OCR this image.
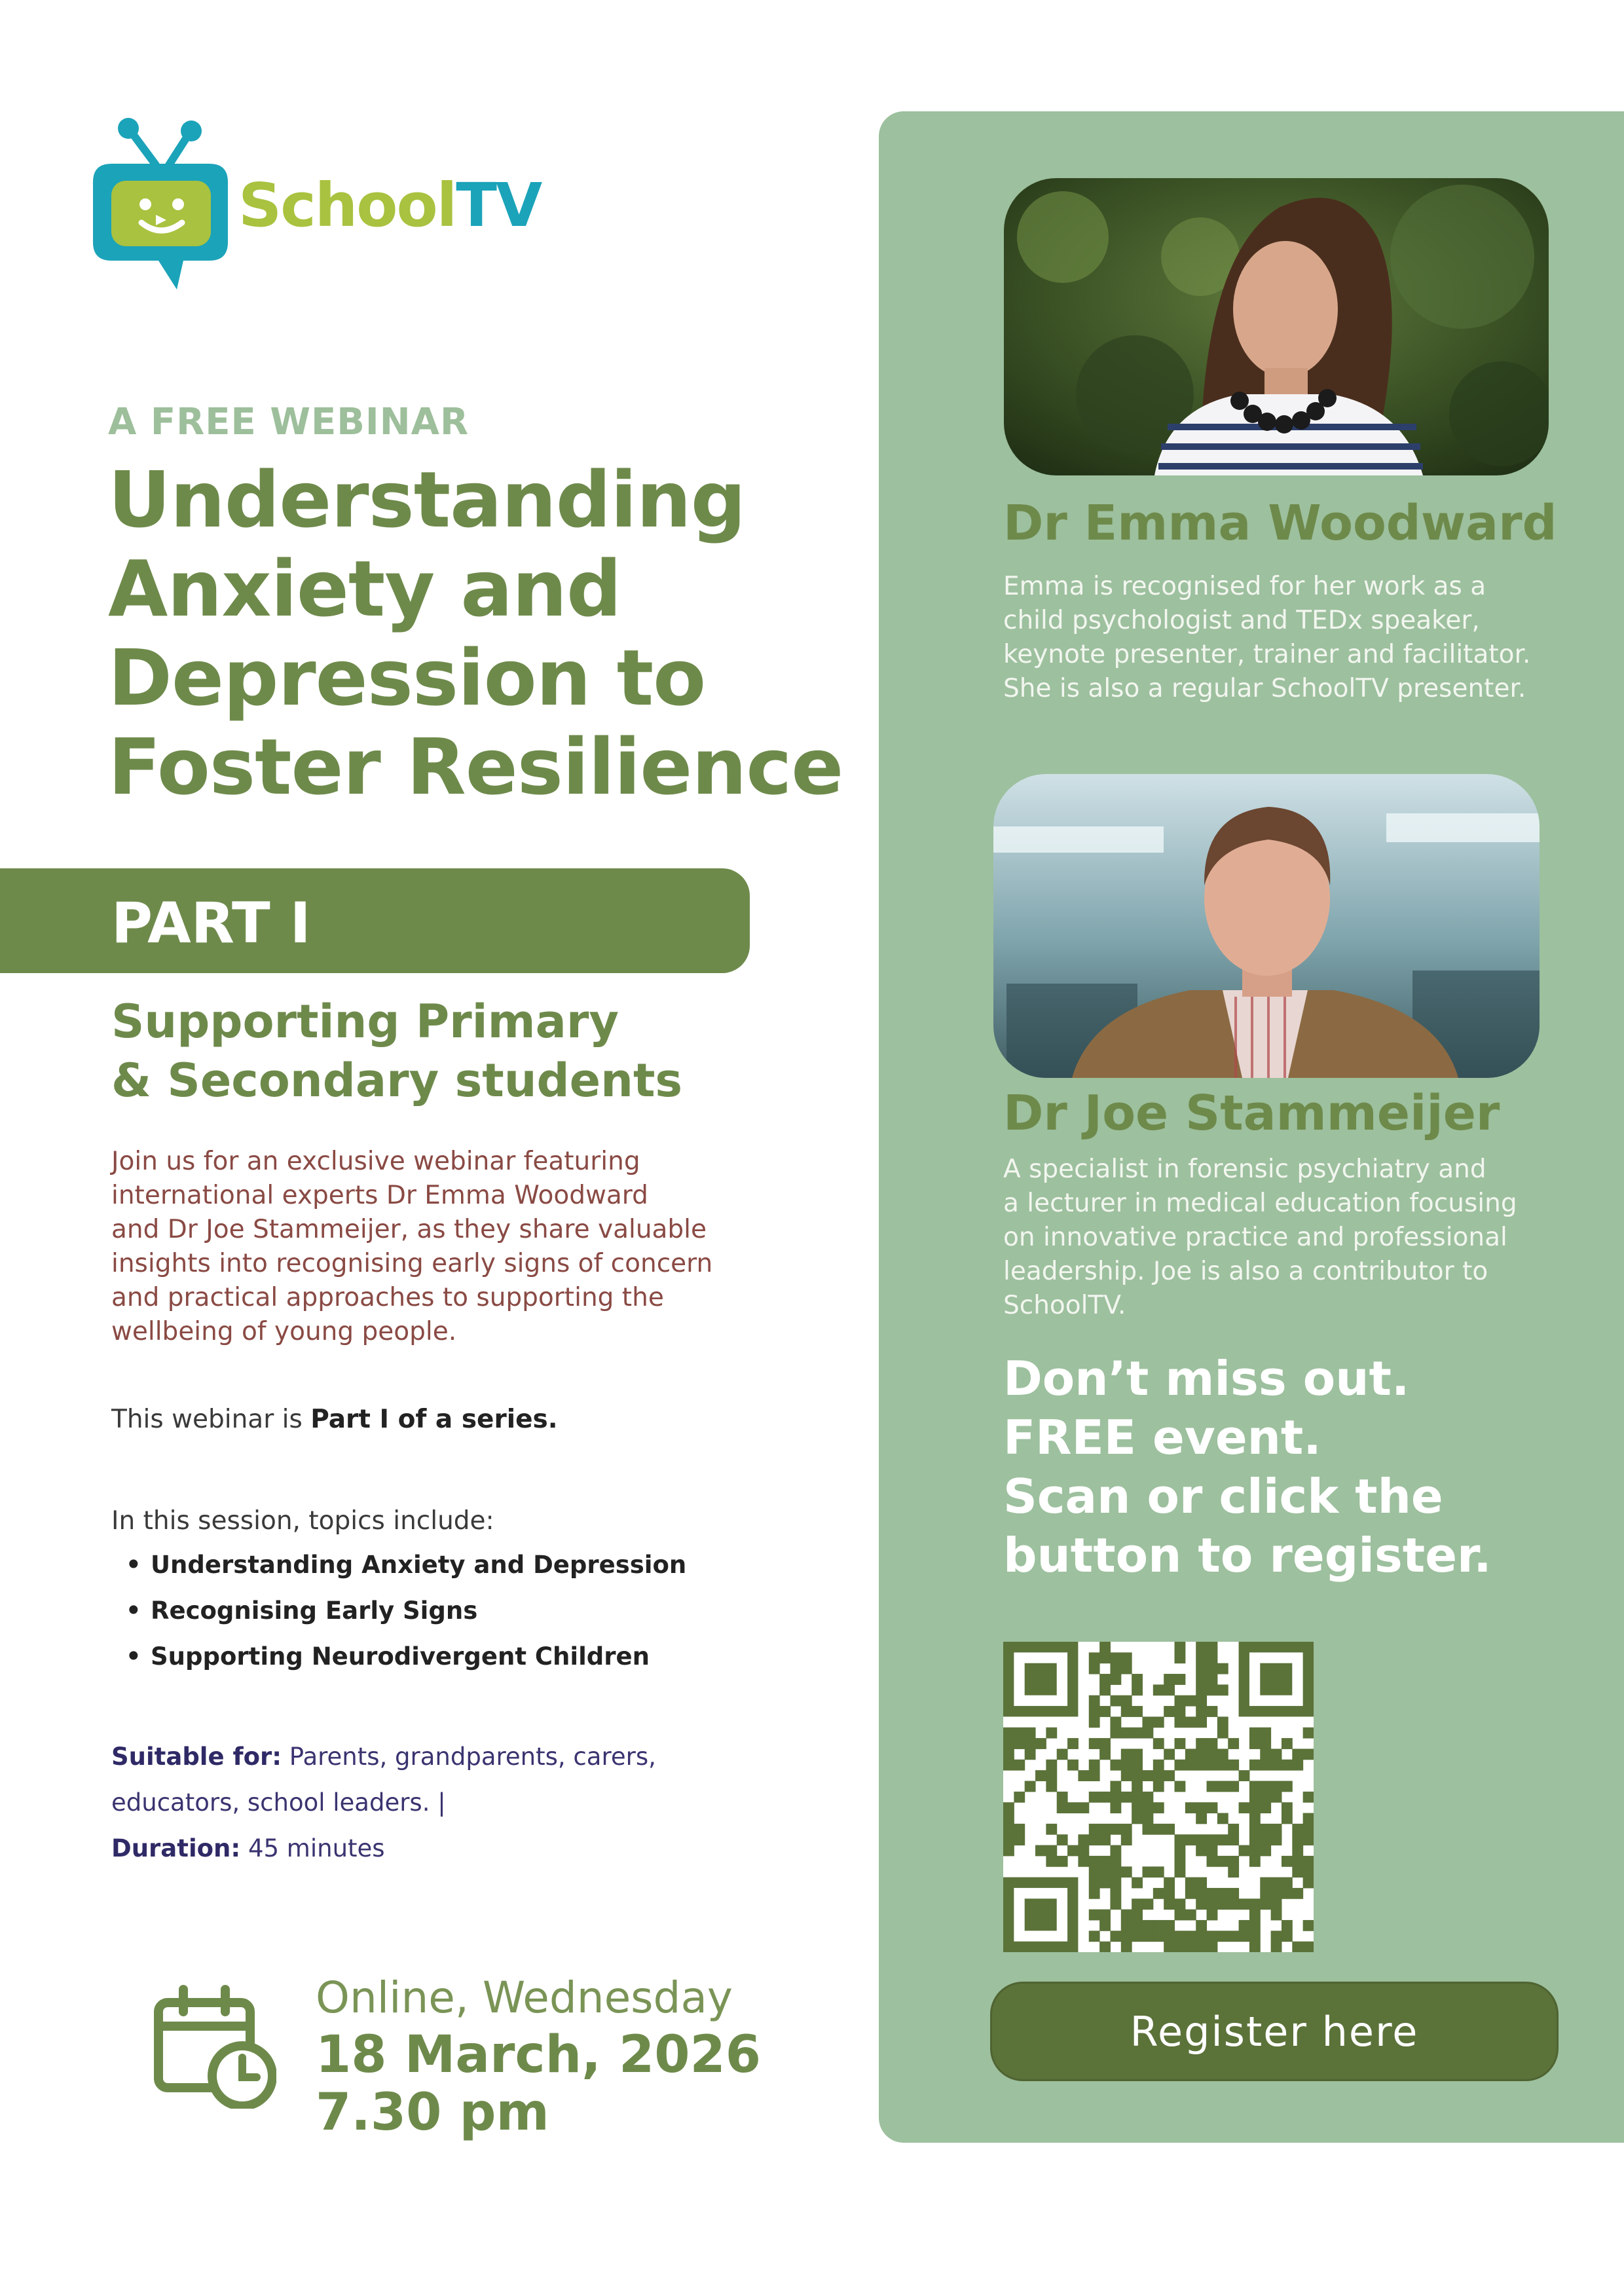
SchoolTV
A FREE WEBINAR
Understanding
Anxiety and
Depression to
Foster Resilience
PART I
Supporting Primary
& Secondary students
Join us for an exclusive webinar featuring
international experts Dr Emma Woodward
and Dr Joe Stammeijer, as they share valuable
insights into recognising early signs of concern
and practical approaches to supporting the
wellbeing of young people.
This webinar is Part I of a series.
In this session, topics include:
• Understanding Anxiety and Depression
• Recognising Early Signs
• Supporting Neurodivergent Children
Suitable for: Parents, grandparents, carers,
educators, school leaders. |
Duration: 45 minutes
Online, Wednesday
18 March, 2026
7.30 pm
Dr Emma Woodward
Emma is recognised for her work as a
child psychologist and TEDx speaker,
keynote presenter, trainer and facilitator.
She is also a regular SchoolTV presenter.
Dr Joe Stammeijer
A specialist in forensic psychiatry and
a lecturer in medical education focusing
on innovative practice and professional
leadership. Joe is also a contributor to
SchoolTV.
Don’t miss out.
FREE event.
Scan or click the
button to register.
Register here
